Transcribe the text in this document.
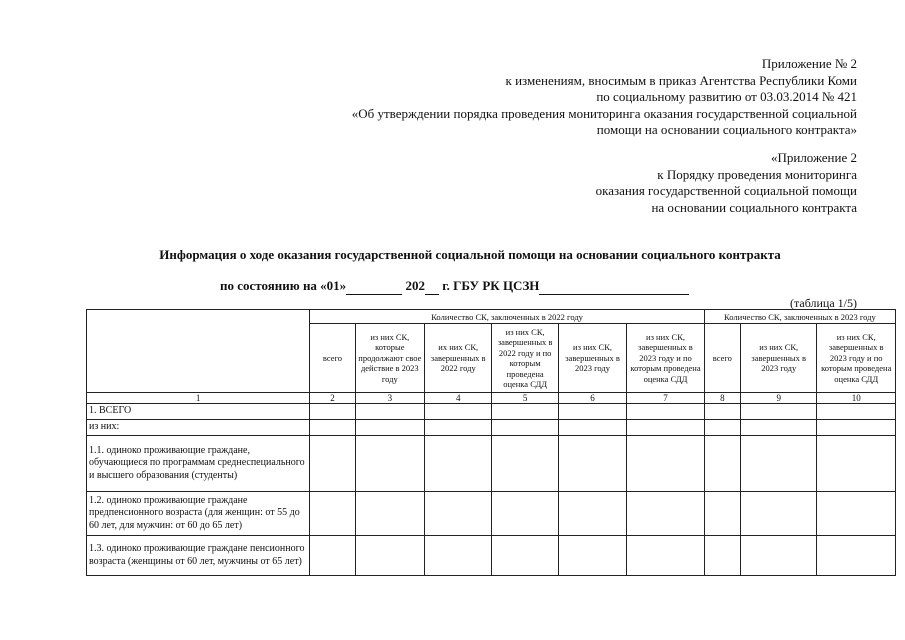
Приложение № 2
к изменениям, вносимым в приказ Агентства Республики Коми
по социальному развитию от 03.03.2014 № 421
«Об утверждении порядка проведения мониторинга оказания государственной социальной
помощи на основании социального контракта»
«Приложение 2
к Порядку проведения мониторинга
оказания государственной социальной помощи
на основании социального контракта
Информация о ходе оказания государственной социальной помощи на основании социального контракта
по состоянию на «01»	202  г. ГБУ РК ЦСЗН
(таблица 1/5)
	Количество СК, заключенных в 2022 году						Количество СК, заключенных в 2023 году		
	всего	из них СК, которые продолжают свое действие в 2023 году	их них СК, завершенных в 2022 году	из них СК, завершенных в 2022 году и по которым проведена оценка СДД	из них СК, завершенных в 2023 году	из них СК, завершенных в 2023 году и по которым проведена оценка СДД	всего	из них СК, завершенных в 2023 году	из них СК, завершенных в 2023 году и по которым проведена оценка СДД
1	2	3	4	5	6	7	8	9	10
1. ВСЕГО									
из них:									
1.1. одиноко проживающие граждане, обучающиеся по программам среднеспециального и высшего образования (студенты)									
1.2. одиноко проживающие граждане предпенсионного возраста (для женщин: от 55 до 60 лет, для мужчин: от 60 до 65 лет)									
1.3. одиноко проживающие граждане пенсионного возраста (женщины от 60 лет, мужчины от 65 лет)									
